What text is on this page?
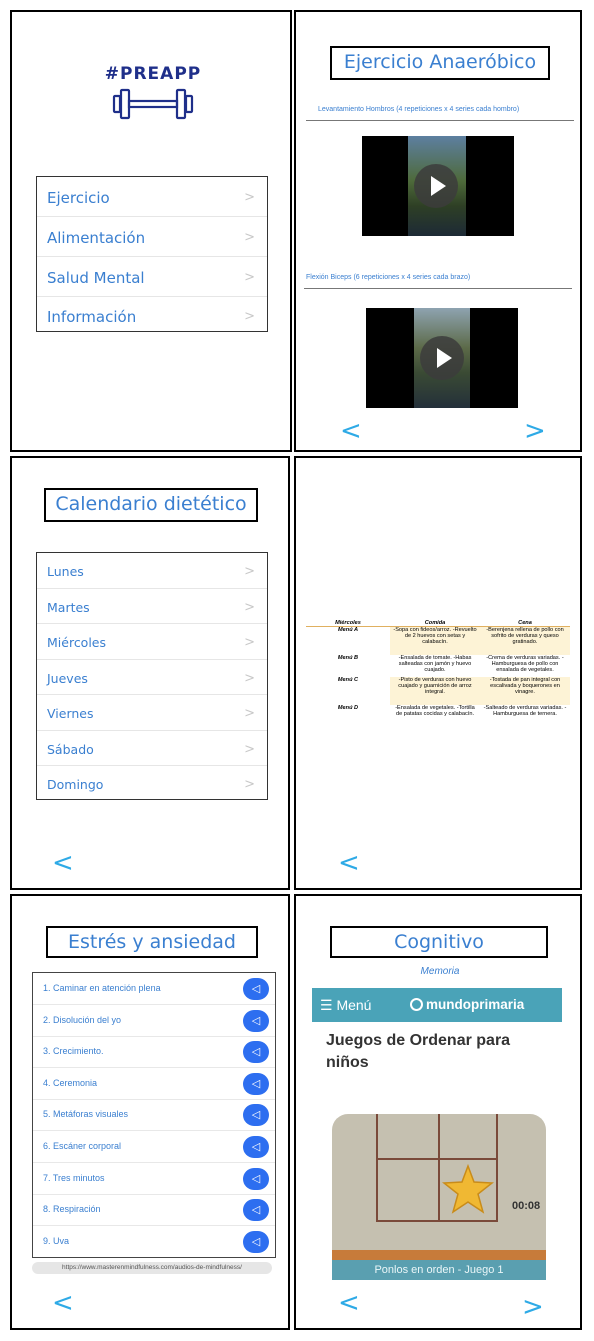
#PREAPP
Ejercicio	>
Alimentación	>
Salud Mental	>
Información	>
Ejercicio Anaeróbico
Levantamiento Hombros (4 repeticiones x 4 series cada hombro)
Flexión Biceps (6 repeticiones x 4 series cada brazo)
<	>
Calendario dietético
Lunes	>
Martes	>
Miércoles	>
Jueves	>
Viernes	>
Sábado	>
Domingo	>
<
Miércoles	Comida	Cena
Menú A	-Sopa con fideos/arroz. -Revuelto de 2 huevos con setas y calabacín.	-Berenjena rellena de pollo con sofrito de verduras y queso gratinado.
Menú B	-Ensalada de tomate. -Habas salteadas con jamón y huevo cuajado.	-Crema de verduras variadas. -Hamburguesa de pollo con ensalada de vegetales.
Menú C	-Pisto de verduras con huevo cuajado y guarnición de arroz integral.	-Tostada de pan integral con escalivada y boquerones en vinagre.
Menú D	-Ensalada de vegetales. -Tortilla de patatas cocidas y calabacín.	-Salteado de verduras variadas. -Hamburguesa de ternera.
<
Estrés y ansiedad
1. Caminar en atención plena	◁
2. Disolución del yo	◁
3. Crecimiento.	◁
4. Ceremonia	◁
5. Metáforas visuales	◁
6. Escáner corporal	◁
7. Tres minutos	◁
8. Respiración	◁
9. Uva	◁
https://www.masterenmindfulness.com/audios-de-mindfulness/
<
Cognitivo
Memoria
☰ Menú	mundoprimaria
Juegos de Ordenar para niños
00:08
Ponlos en orden - Juego 1
<	>
